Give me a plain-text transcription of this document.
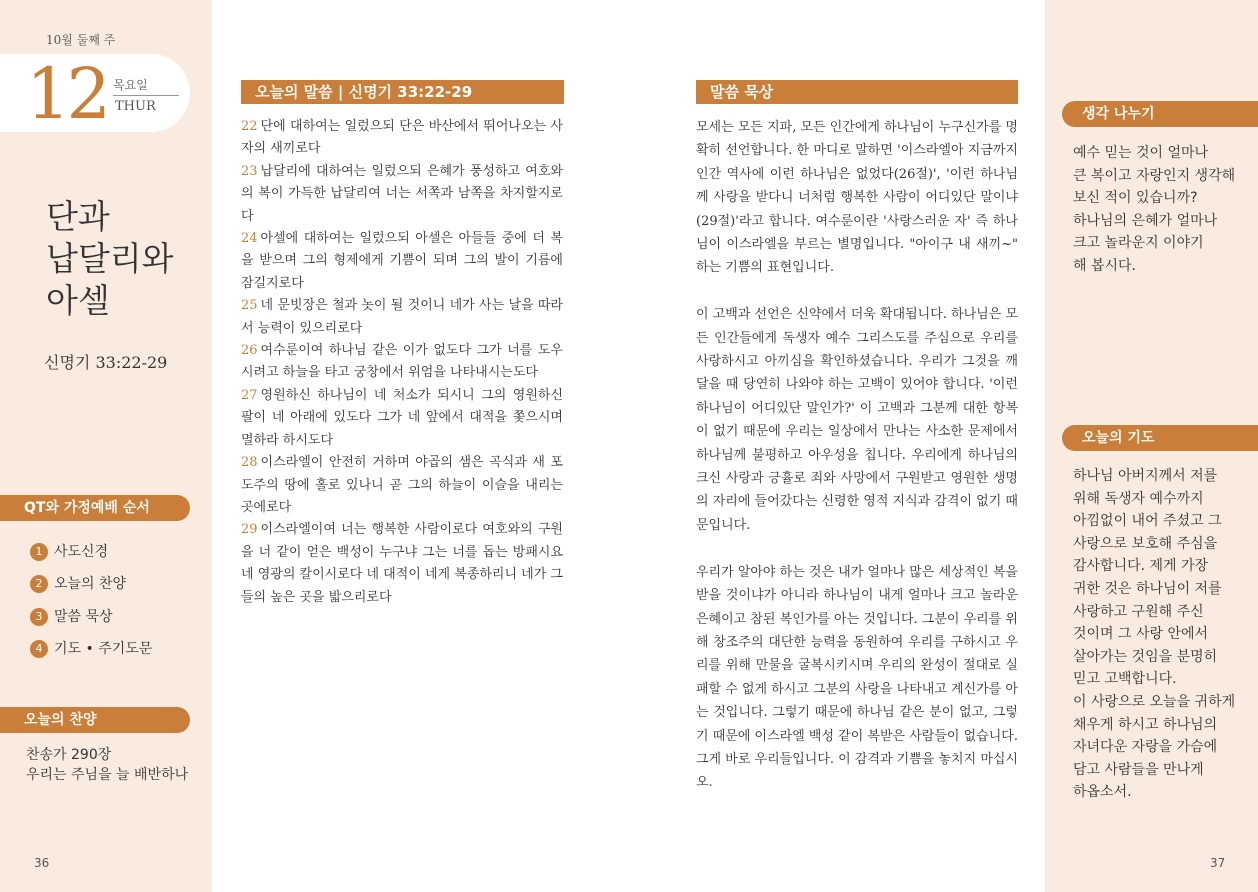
10월 둘째 주
12 목요일
THUR
단과
납달리와
아셀
신명기 33:22-29
QT와 가정예배 순서
1 사도신경
2 오늘의 찬양
3 말씀 묵상
4 기도 • 주기도문
오늘의 찬양
찬송가 290장
우리는 주님을 늘 배반하나
36
오늘의 말씀 | 신명기 33:22-29
22 단에 대하여는 일렀으되 단은 바산에서 뛰어나오는 사자의 새끼로다
23 납달리에 대하여는 일렀으되 은혜가 풍성하고 여호와의 복이 가득한 납달리여 너는 서쪽과 남쪽을 차지할지로다
24 아셀에 대하여는 일렀으되 아셀은 아들들 중에 더 복을 받으며 그의 형제에게 기쁨이 되며 그의 발이 기름에 잠길지로다
25 네 문빗장은 철과 놋이 될 것이니 네가 사는 날을 따라서 능력이 있으리로다
26 여수룬이여 하나님 같은 이가 없도다 그가 너를 도우시려고 하늘을 타고 궁창에서 위엄을 나타내시는도다
27 영원하신 하나님이 네 처소가 되시니 그의 영원하신 팔이 네 아래에 있도다 그가 네 앞에서 대적을 쫓으시며 멸하라 하시도다
28 이스라엘이 안전히 거하며 야곱의 샘은 곡식과 새 포도주의 땅에 홀로 있나니 곧 그의 하늘이 이슬을 내리는 곳에로다
29 이스라엘이여 너는 행복한 사람이로다 여호와의 구원을 너 같이 얻은 백성이 누구냐 그는 너를 돕는 방패시요 네 영광의 칼이시로다 네 대적이 네게 복종하리니 네가 그들의 높은 곳을 밟으리로다
말씀 묵상

모세는 모든 지파, 모든 인간에게 하나님이 누구신가를 명확히 선언합니다. 한 마디로 말하면 '이스라엘아 지금까지 인간 역사에 이런 하나님은 없었다(26절)', '이런 하나님께 사랑을 받다니 너처럼 행복한 사람이 어디있단 말이냐(29절)'라고 합니다. 여수룬이란 '사랑스러운 자' 즉 하나님이 이스라엘을 부르는 별명입니다. "아이구 내 새끼~" 하는 기쁨의 표현입니다.

이 고백과 선언은 신약에서 더욱 확대됩니다. 하나님은 모든 인간들에게 독생자 예수 그리스도를 주심으로 우리를 사랑하시고 아끼심을 확인하셨습니다. 우리가 그것을 깨달을 때 당연히 나와야 하는 고백이 있어야 합니다. '이런 하나님이 어디있단 말인가?' 이 고백과 그분께 대한 항복이 없기 때문에 우리는 일상에서 만나는 사소한 문제에서 하나님께 불평하고 아우성을 칩니다. 우리에게 하나님의 크신 사랑과 긍휼로 죄와 사망에서 구원받고 영원한 생명의 자리에 들어갔다는 신령한 영적 지식과 감격이 없기 때문입니다.

우리가 알아야 하는 것은 내가 얼마나 많은 세상적인 복을 받을 것이냐가 아니라 하나님이 내게 얼마나 크고 놀라운 은혜이고 참된 복인가를 아는 것입니다. 그분이 우리를 위해 창조주의 대단한 능력을 동원하여 우리를 구하시고 우리를 위해 만물을 굴복시키시며 우리의 완성이 절대로 실패할 수 없게 하시고 그분의 사랑을 나타내고 계신가를 아는 것입니다. 그렇기 때문에 하나님 같은 분이 없고, 그렇기 때문에 이스라엘 백성 같이 복받은 사람들이 없습니다. 그게 바로 우리들입니다. 이 감격과 기쁨을 놓치지 마십시오.

생각 나누기
예수 믿는 것이 얼마나
큰 복이고 자랑인지 생각해
보신 적이 있습니까?
하나님의 은혜가 얼마나
크고 놀라운지 이야기
해 봅시다.
오늘의 기도
하나님 아버지께서 저를
위해 독생자 예수까지
아낌없이 내어 주셨고 그
사랑으로 보호해 주심을
감사합니다. 제게 가장
귀한 것은 하나님이 저를
사랑하고 구원해 주신
것이며 그 사랑 안에서
살아가는 것임을 분명히
믿고 고백합니다.
이 사랑으로 오늘을 귀하게
채우게 하시고 하나님의
자녀다운 자랑을 가슴에
담고 사람들을 만나게
하옵소서.
37
